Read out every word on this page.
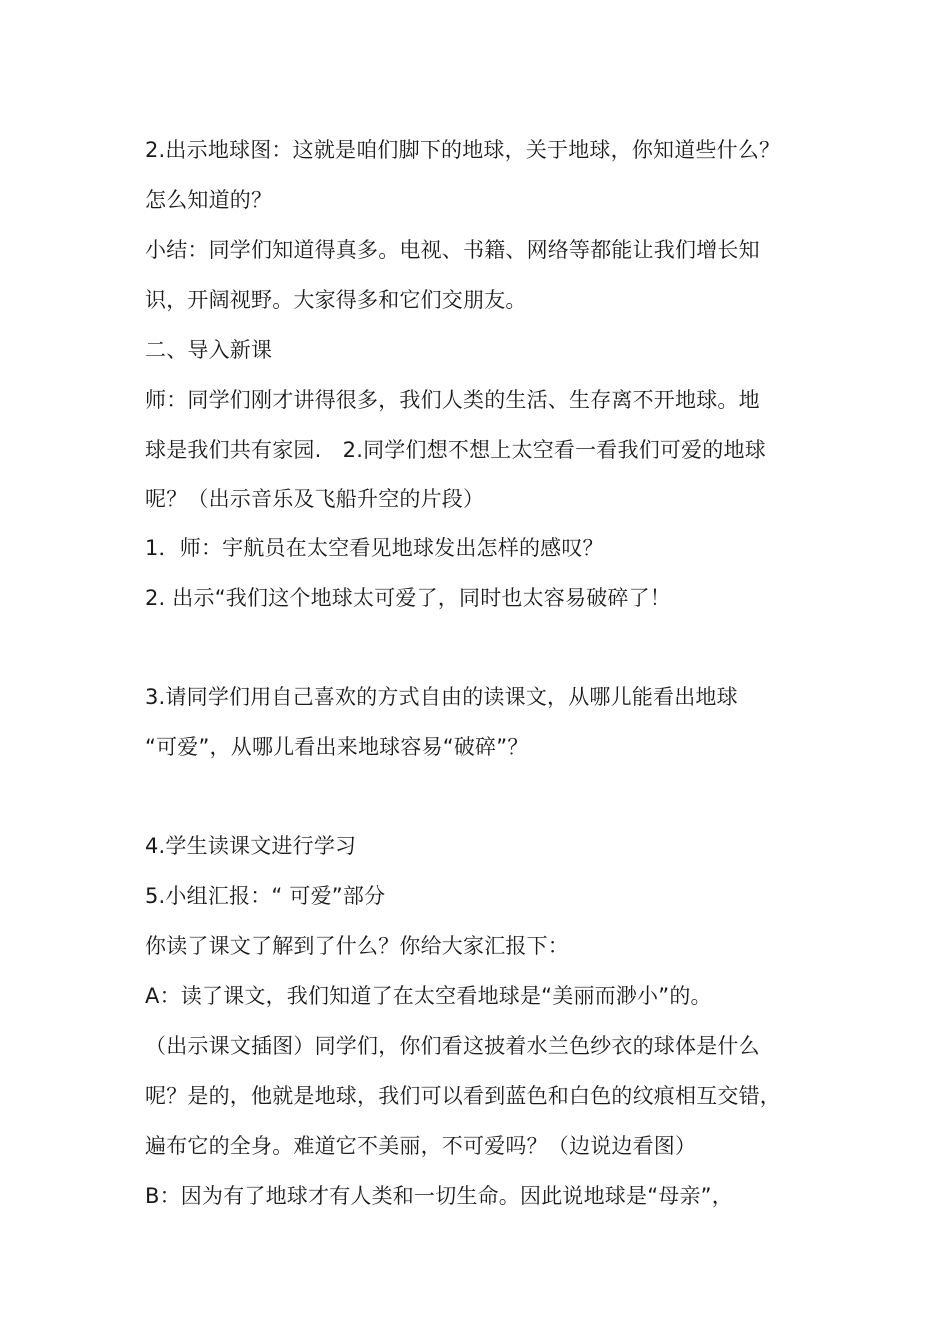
2.出示地球图：这就是咱们脚下的地球，关于地球，你知道些什么？
怎么知道的？
小结：同学们知道得真多。电视、书籍、网络等都能让我们增长知
识，开阔视野。大家得多和它们交朋友。
二、导入新课
师：同学们刚才讲得很多，我们人类的生活、生存离不开地球。地
球是我们共有家园.　2.同学们想不想上太空看一看我们可爱的地球
呢？（出示音乐及飞船升空的片段）
1．师：宇航员在太空看见地球发出怎样的感叹？
2. 出示“我们这个地球太可爱了，同时也太容易破碎了！
3.请同学们用自己喜欢的方式自由的读课文，从哪儿能看出地球
“可爱”，从哪儿看出来地球容易“破碎”？
4.学生读课文进行学习
5.小组汇报：“ 可爱”部分
你读了课文了解到了什么？你给大家汇报下：
A：读了课文，我们知道了在太空看地球是“美丽而渺小”的。
（出示课文插图）同学们，你们看这披着水兰色纱衣的球体是什么
呢？是的，他就是地球，我们可以看到蓝色和白色的纹痕相互交错，
遍布它的全身。难道它不美丽，不可爱吗？（边说边看图）
B：因为有了地球才有人类和一切生命。因此说地球是“母亲”，
